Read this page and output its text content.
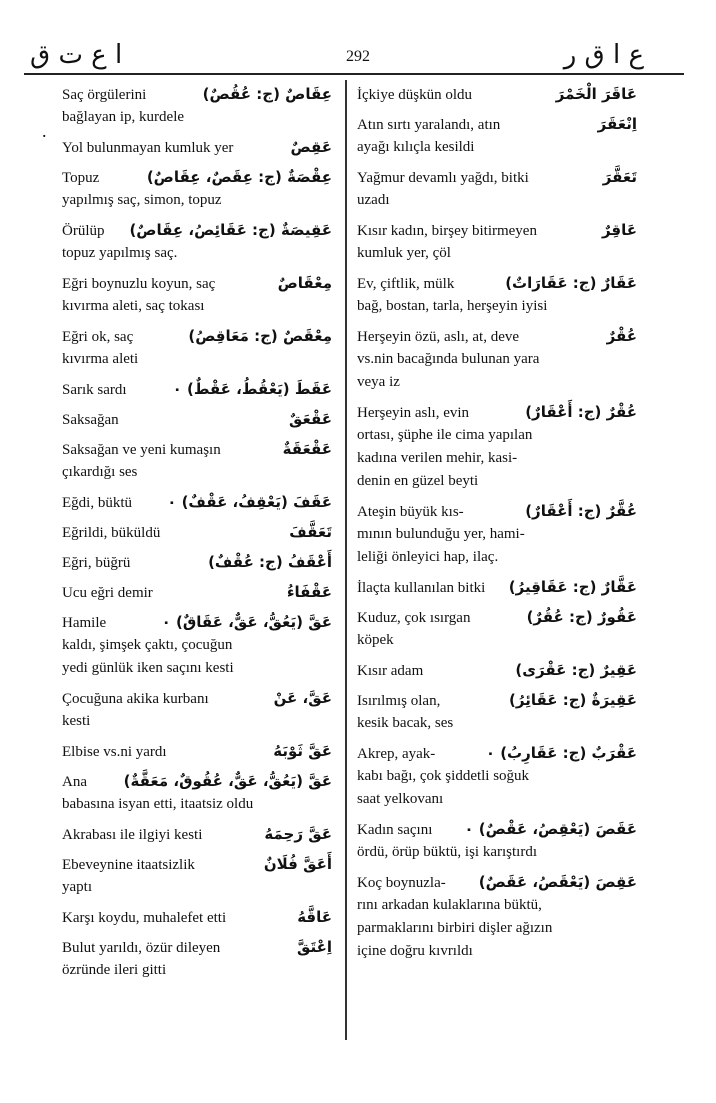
ا ع ت ق	292	ع ا ق ر
.
Saç örgülerini	عِقَاصٌ (ج: عُقُصٌ)
bağlayan ip, kurdele
Yol bulunmayan kumluk yer	عَقِصٌ
Topuz	عِقْصَةٌ (ج: عِقَصٌ، عِقَاصٌ)
yapılmış saç, simon, topuz
Örülüp عَقِيصَةٌ (ج: عَقَائِصُ، عِقَاصٌ)
topuz yapılmış saç.
Eğri boynuzlu koyun, saç	مِعْقَاصٌ
kıvırma aleti, saç tokası
Eğri ok, saç	مِعْقَصٌ (ج: مَعَاقِصُ)
kıvırma aleti
Sarık sardı	عَقَطَ (يَعْقُطُ، عَقْطٌ) ٠
Saksağan	عَقْعَقٌ
Saksağan ve yeni kumaşın	عَقْعَقَةٌ
çıkardığı ses
Eğdi, büktü عَقَفَ (يَعْقِفُ، عَقْفٌ) ٠
Eğrildi, büküldü	تَعَقَّفَ
Eğri, büğrü	أَعْقَفُ (ج: عُقْفٌ)
Ucu eğri demir	عَقْفَاءُ
Hamile	عَقَّ (يَعُقُّ، عَقٌّ، عَقَاقٌ) ٠
kaldı, şimşek çaktı, çocuğun
yedi günlük iken saçını kesti
Çocuğuna akika kurbanı	عَقَّ، عَنْ
kesti
Elbise vs.ni yardı	عَقَّ ثَوْبَهُ
Ana عَقَّ (يَعُقُّ، عَقٌّ، عُقُوقٌ، مَعَقَّةٌ)
babasına isyan etti, itaatsiz oldu
Akrabası ile ilgiyi kesti	عَقَّ رَحِمَهُ
Ebeveynine itaatsizlik	أَعَقَّ فُلَانٌ
yaptı
Karşı koydu, muhalefet etti	عَاقَّهُ
Bulut yarıldı, özür dileyen	اِعْتَقَّ
özründe ileri gitti
İçkiye düşkün oldu	عَاقَرَ الْخَمْرَ
Atın sırtı yaralandı, atın	اِنْعَقَرَ
ayağı kılıçla kesildi
Yağmur devamlı yağdı, bitki	تَعَقَّرَ
uzadı
Kısır kadın, birşey bitirmeyen	عَاقِرٌ
kumluk yer, çöl
Ev, çiftlik, mülk	عَقَارٌ (ج: عَقَارَاتٌ)
bağ, bostan, tarla, herşeyin iyisi
Herşeyin özü, aslı, at, deve	عُقْرٌ
vs.nin bacağında bulunan yara
veya iz
Herşeyin aslı, evin	عُقْرٌ (ج: أَعْقَارٌ)
ortası, şüphe ile cima yapılan
kadına verilen mehir, kasi-
denin en güzel beyti
Ateşin büyük kıs-	عُقَّرٌ (ج: أَعْقَارٌ)
mının bulunduğu yer, hami-
leliği önleyici hap, ilaç.
İlaçta kullanılan bitki عَقَّارٌ (ج: عَقَاقِيرُ)
Kuduz, çok ısırgan	عَقُورٌ (ج: عُقُرٌ)
köpek
Kısır adam	عَقِيرٌ (ج: عَقْرَى)
Isırılmış olan,	عَقِيرَةٌ (ج: عَقَائِرُ)
kesik bacak, ses
Akrep, ayak-	عَقْرَبٌ (ج: عَقَارِبُ) ٠
kabı bağı, çok şiddetli soğuk
saat yelkovanı
Kadın saçını عَقَصَ (يَعْقِصُ، عَقْصٌ) ٠
ördü, örüp büktü, işi karıştırdı
Koç boynuzla- عَقِصَ (يَعْقَصُ، عَقَصٌ)
rını arkadan kulaklarına büktü,
parmaklarını birbiri dişler ağızın
içine doğru kıvrıldı
